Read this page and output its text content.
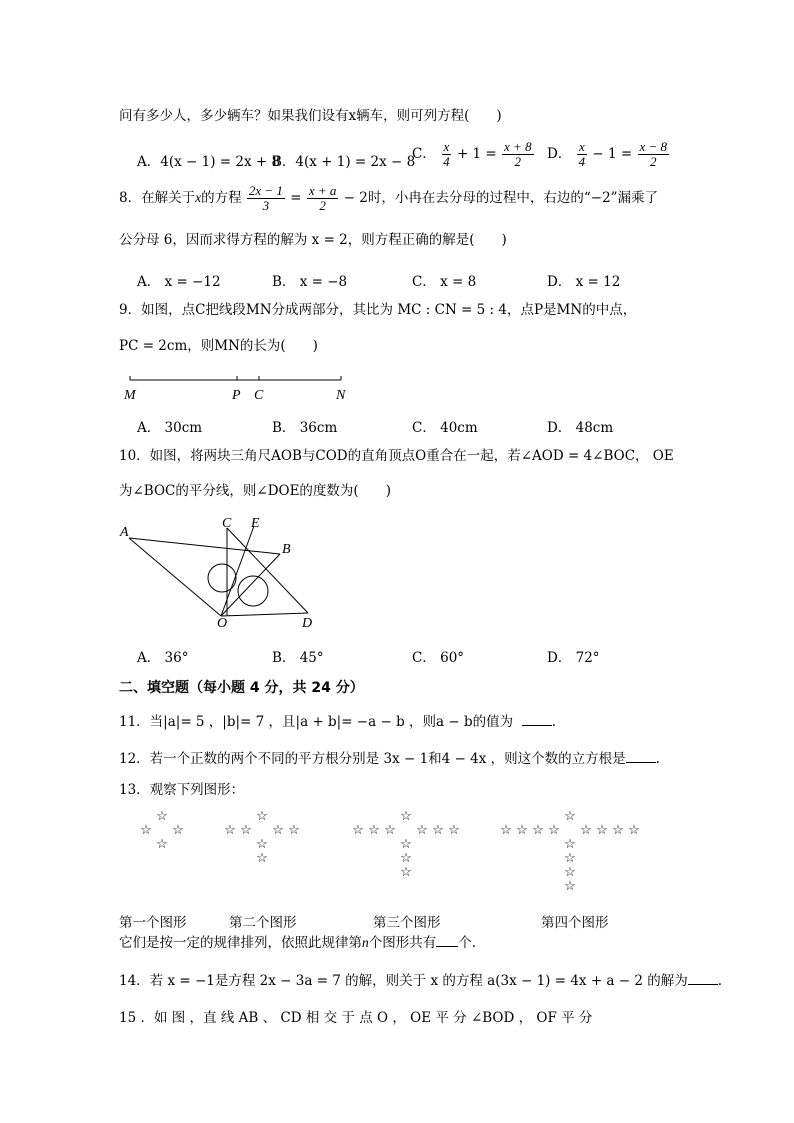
问有多少人，多少辆车？如果我们设有x辆车，则可列方程(　　)
A．4(x − 1) = 2x + 8
B．4(x + 1) = 2x − 8
C． $\frac{x}{4} + 1 = \frac{x + 8}{2}$ D． $\frac{x}{4} - 1 = \frac{x - 8}{2}$
8．在解关于x的方程 $\frac{2x - 1}{3} = \frac{x + a}{2} - 2$时，小冉在去分母的过程中，右边的“−2”漏乘了
公分母 6，因而求得方程的解为 x = 2，则方程正确的解是(　　)
A． x = −12	B． x = −8	C． x = 8	D． x = 12
9．如图，点C把线段MN分成两部分，其比为 MC : CN = 5 : 4，点P是MN的中点，
PC = 2cm，则MN的长为(　　)
M	P C	N
A． 30cm	B． 36cm	C． 40cm	D． 48cm
10．如图，将两块三角尺AOB与COD的直角顶点O重合在一起，若∠AOD = 4∠BOC， OE
为∠BOC的平分线，则∠DOE的度数为(　　)
A
C E
B
O	D
A． 36°	B． 45°	C． 60°	D． 72°
二、填空题（每小题 4 分，共 24 分）
11．当|a|= 5 ，|b|= 7 ，且|a + b|= −a − b ，则a − b的值为	.
12．若一个正数的两个不同的平方根分别是 3x − 1和4 − 4x ，则这个数的立方根是 .
13．观察下列图形：
☆
☆ ☆
☆
☆
☆ ☆
☆
☆	☆
☆
☆
☆ ☆
☆
☆	☆
☆
☆	☆
☆
☆
☆ ☆
☆
☆	☆
☆
☆	☆
☆
☆	☆
☆
第一个图形	第二个图形	第三个图形	第四个图形
它们是按一定的规律排列，依照此规律第n个图形共有 个.
14．若 x = −1是方程 2x − 3a = 7 的解，则关于 x 的方程 a(3x − 1) = 4x + a − 2 的解为 .
15 ．如 图 ，直 线 AB 、 CD 相 交 于 点 O ， OE 平 分 ∠BOD ， OF 平 分
